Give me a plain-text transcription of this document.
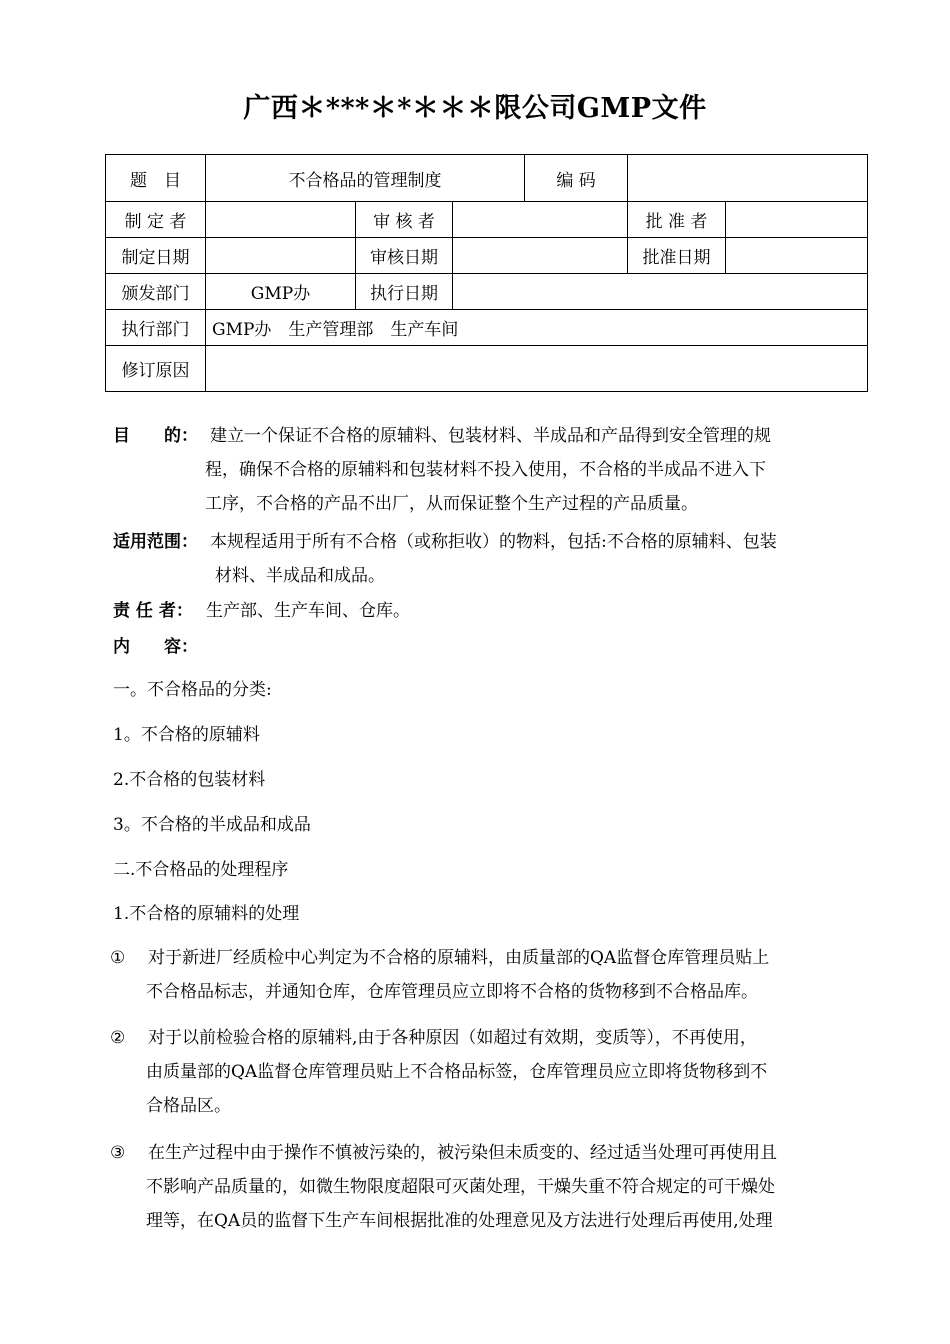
广西＊***＊*＊＊＊限公司GMP文件
题　目	不合格品的管理制度			编 码		
制 定 者		审 核 者			批 准 者	
制定日期		审核日期			批准日期	
颁发部门	GMP办	执行日期				
执行部门	GMP办　生产管理部　生产车间					
修订原因						
目　　的： 建立一个保证不合格的原辅料、包装材料、半成品和产品得到安全管理的规
程，确保不合格的原辅料和包装材料不投入使用，不合格的半成品不进入下
工序，不合格的产品不出厂，从而保证整个生产过程的产品质量。
适用范围： 本规程适用于所有不合格（或称拒收）的物料，包括:不合格的原辅料、包装
材料、半成品和成品。
责 任 者： 生产部、生产车间、仓库。
内　　容：
一。不合格品的分类:
1。不合格的原辅料
2.不合格的包装材料
3。不合格的半成品和成品
二.不合格品的处理程序
1.不合格的原辅料的处理
① 对于新进厂经质检中心判定为不合格的原辅料，由质量部的QA监督仓库管理员贴上
不合格品标志，并通知仓库，仓库管理员应立即将不合格的货物移到不合格品库。
② 对于以前检验合格的原辅料,由于各种原因（如超过有效期，变质等），不再使用，
由质量部的QA监督仓库管理员贴上不合格品标签，仓库管理员应立即将货物移到不
合格品区。
③ 在生产过程中由于操作不慎被污染的，被污染但未质变的、经过适当处理可再使用且
不影响产品质量的，如微生物限度超限可灭菌处理，干燥失重不符合规定的可干燥处
理等，在QA员的监督下生产车间根据批准的处理意见及方法进行处理后再使用,处理
